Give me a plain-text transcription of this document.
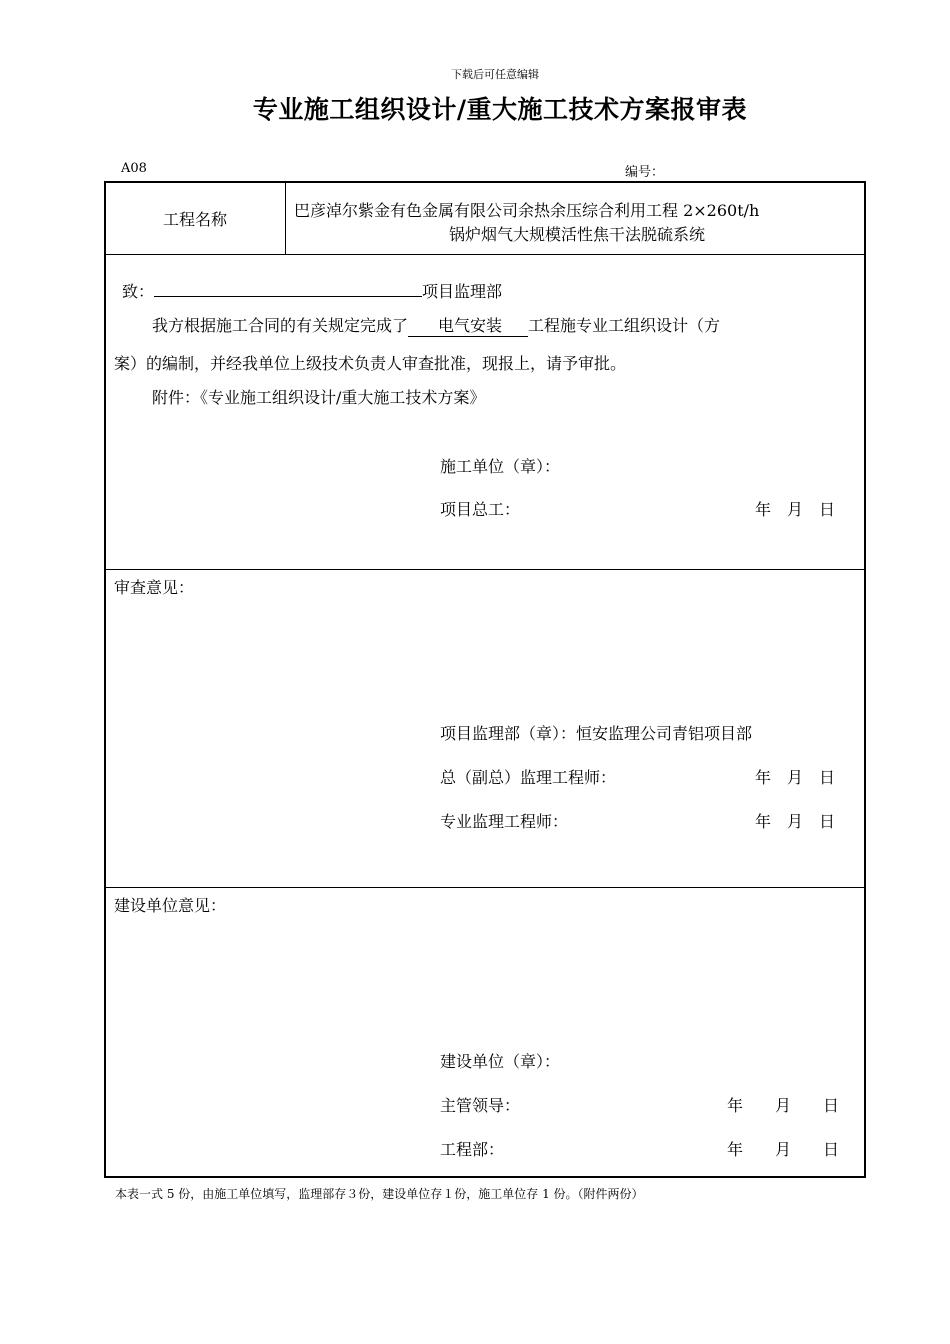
下载后可任意编辑
专业施工组织设计/重大施工技术方案报审表
A08	编号：
工程名称	巴彦淖尔紫金有色金属有限公司余热余压综合利用工程 2×260t/h
锅炉烟气大规模活性焦干法脱硫系统
致：	项目监理部
我方根据施工合同的有关规定完成了 电气安装 工程施专业工组织设计（方
案）的编制，并经我单位上级技术负责人审查批准，现报上，请予审批。
附件：《专业施工组织设计/重大施工技术方案》
施工单位（章）：
项目总工：	年　月　日
审查意见：
项目监理部（章）：恒安监理公司青铝项目部
总（副总）监理工程师：	年　月　日
专业监理工程师：	年　月　日
建设单位意见：
建设单位（章）：
主管领导：	年　　月　　日
工程部：	年　　月　　日
本表一式 5 份，由施工单位填写，监理部存３份，建设单位存１份，施工单位存 1 份。（附件两份）
